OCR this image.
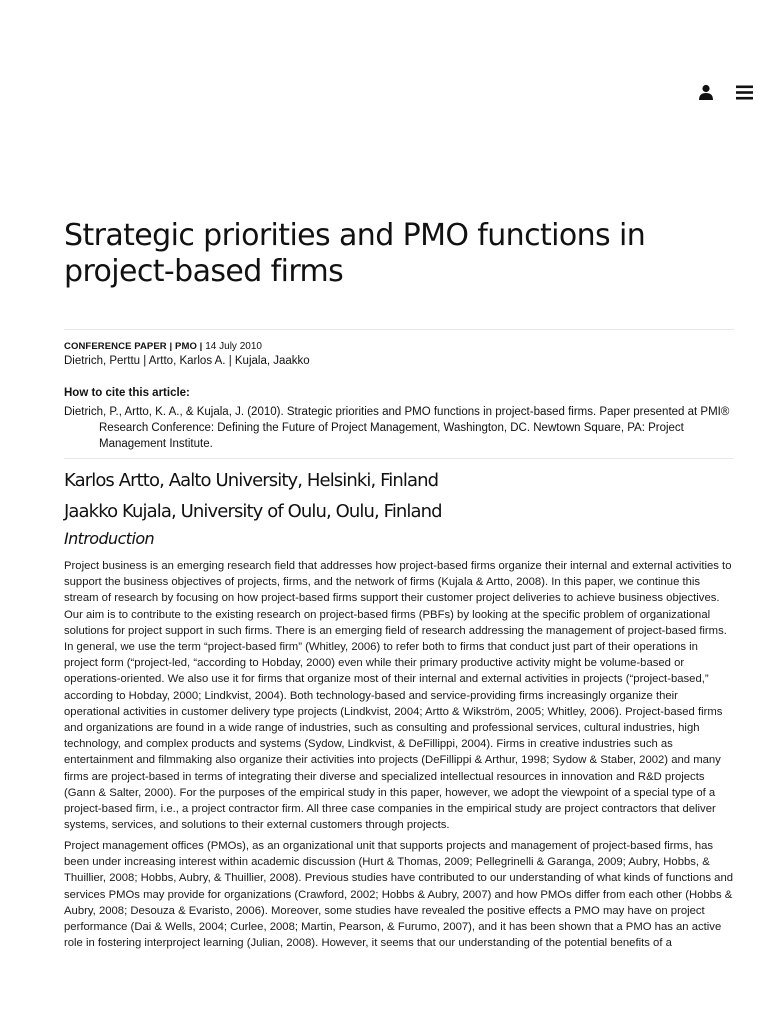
Strategic priorities and PMO functions in project-based firms
CONFERENCE PAPER | PMO | 14 July 2010
Dietrich, Perttu | Artto, Karlos A. | Kujala, Jaakko
How to cite this article:
Dietrich, P., Artto, K. A., & Kujala, J. (2010). Strategic priorities and PMO functions in project-based firms. Paper presented at PMI® Research Conference: Defining the Future of Project Management, Washington, DC. Newtown Square, PA: Project Management Institute.
Karlos Artto, Aalto University, Helsinki, Finland
Jaakko Kujala, University of Oulu, Oulu, Finland
Introduction

Project business is an emerging research field that addresses how project-based firms organize their internal and external activities to support the business objectives of projects, firms, and the network of firms (Kujala & Artto, 2008). In this paper, we continue this stream of research by focusing on how project-based firms support their customer project deliveries to achieve business objectives. Our aim is to contribute to the existing research on project-based firms (PBFs) by looking at the specific problem of organizational solutions for project support in such firms. There is an emerging field of research addressing the management of project-based firms. In general, we use the term “project-based firm” (Whitley, 2006) to refer both to firms that conduct just part of their operations in project form (“project-led, “according to Hobday, 2000) even while their primary productive activity might be volume-based or operations-oriented. We also use it for firms that organize most of their internal and external activities in projects (“project-based,” according to Hobday, 2000; Lindkvist, 2004). Both technology-based and service-providing firms increasingly organize their operational activities in customer delivery type projects (Lindkvist, 2004; Artto & Wikström, 2005; Whitley, 2006). Project-based firms and organizations are found in a wide range of industries, such as consulting and professional services, cultural industries, high technology, and complex products and systems (Sydow, Lindkvist, & DeFillippi, 2004). Firms in creative industries such as entertainment and filmmaking also organize their activities into projects (DeFillippi & Arthur, 1998; Sydow & Staber, 2002) and many firms are project-based in terms of integrating their diverse and specialized intellectual resources in innovation and R&D projects (Gann & Salter, 2000). For the purposes of the empirical study in this paper, however, we adopt the viewpoint of a special type of a project-based firm, i.e., a project contractor firm. All three case companies in the empirical study are project contractors that deliver systems, services, and solutions to their external customers through projects.

Project management offices (PMOs), as an organizational unit that supports projects and management of project-based firms, has been under increasing interest within academic discussion (Hurt & Thomas, 2009; Pellegrinelli & Garanga, 2009; Aubry, Hobbs, & Thuillier, 2008; Hobbs, Aubry, & Thuillier, 2008). Previous studies have contributed to our understanding of what kinds of functions and services PMOs may provide for organizations (Crawford, 2002; Hobbs & Aubry, 2007) and how PMOs differ from each other (Hobbs & Aubry, 2008; Desouza & Evaristo, 2006). Moreover, some studies have revealed the positive effects a PMO may have on project performance (Dai & Wells, 2004; Curlee, 2008; Martin, Pearson, & Furumo, 2007), and it has been shown that a PMO has an active role in fostering interproject learning (Julian, 2008). However, it seems that our understanding of the potential benefits of a
